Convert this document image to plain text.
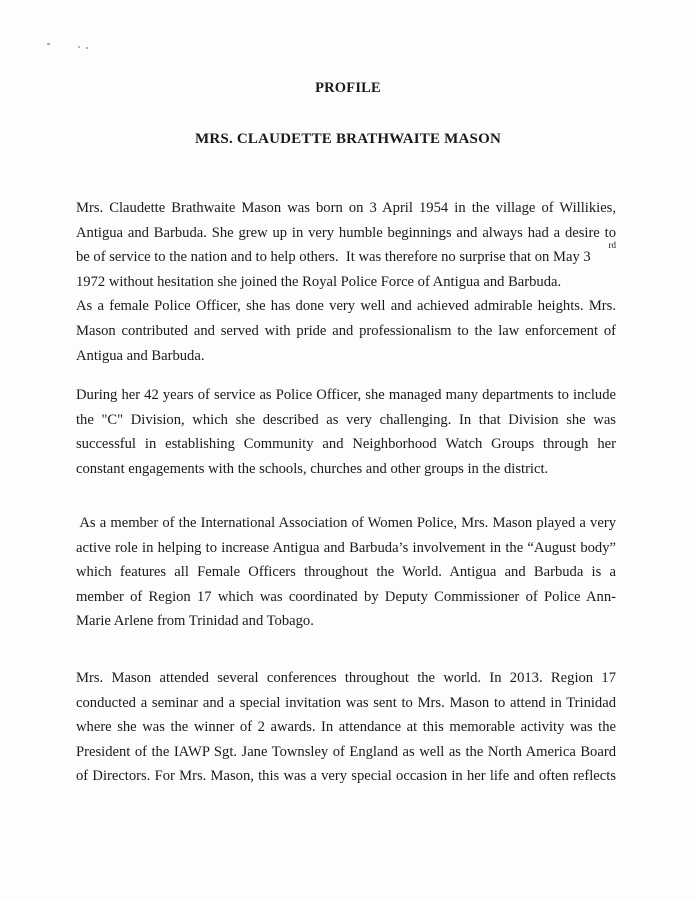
PROFILE
MRS. CLAUDETTE BRATHWAITE MASON
Mrs. Claudette Brathwaite Mason was born on 3 April 1954 in the village of Willikies,
Antigua and Barbuda. She grew up in very humble beginnings and always had a desire to
be of service to the nation and to help others.  It was therefore no surprise that on May 3
rd
1972 without hesitation she joined the Royal Police Force of Antigua and Barbuda.
As a female Police Officer, she has done very well and achieved admirable heights. Mrs.
Mason contributed and served with pride and professionalism to the law enforcement of
Antigua and Barbuda.
During her 42 years of service as Police Officer, she managed many departments to include
the "C" Division, which she described as very challenging. In that Division she was
successful in establishing Community and Neighborhood Watch Groups through her
constant engagements with the schools, churches and other groups in the district.
As a member of the International Association of Women Police, Mrs. Mason played a very
active role in helping to increase Antigua and Barbuda’s involvement in the “August body”
which features all Female Officers throughout the World. Antigua and Barbuda is a
member of Region 17 which was coordinated by Deputy Commissioner of Police Ann-
Marie Arlene from Trinidad and Tobago.
Mrs. Mason attended several conferences throughout the world. In 2013. Region 17
conducted a seminar and a special invitation was sent to Mrs. Mason to attend in Trinidad
where she was the winner of 2 awards. In attendance at this memorable activity was the
President of the IAWP Sgt. Jane Townsley of England as well as the North America Board
of Directors. For Mrs. Mason, this was a very special occasion in her life and often reflects
